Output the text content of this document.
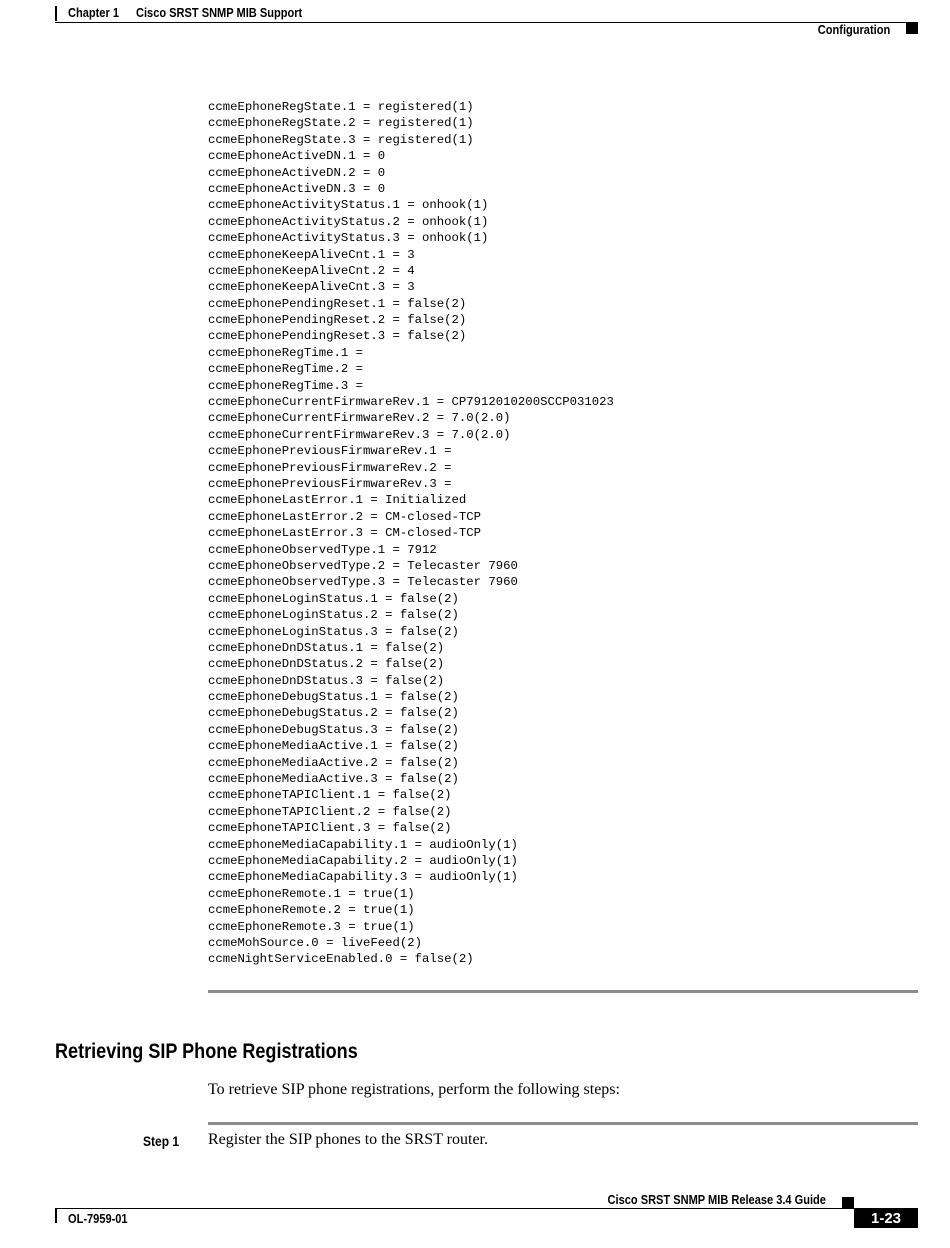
Chapter 1 Cisco SRST SNMP MIB Support
Configuration
ccmeEphoneRegState.1 = registered(1)
ccmeEphoneRegState.2 = registered(1)
ccmeEphoneRegState.3 = registered(1)
ccmeEphoneActiveDN.1 = 0
ccmeEphoneActiveDN.2 = 0
ccmeEphoneActiveDN.3 = 0
ccmeEphoneActivityStatus.1 = onhook(1)
ccmeEphoneActivityStatus.2 = onhook(1)
ccmeEphoneActivityStatus.3 = onhook(1)
ccmeEphoneKeepAliveCnt.1 = 3
ccmeEphoneKeepAliveCnt.2 = 4
ccmeEphoneKeepAliveCnt.3 = 3
ccmeEphonePendingReset.1 = false(2)
ccmeEphonePendingReset.2 = false(2)
ccmeEphonePendingReset.3 = false(2)
ccmeEphoneRegTime.1 =
ccmeEphoneRegTime.2 =
ccmeEphoneRegTime.3 =
ccmeEphoneCurrentFirmwareRev.1 = CP7912010200SCCP031023
ccmeEphoneCurrentFirmwareRev.2 = 7.0(2.0)
ccmeEphoneCurrentFirmwareRev.3 = 7.0(2.0)
ccmeEphonePreviousFirmwareRev.1 =
ccmeEphonePreviousFirmwareRev.2 =
ccmeEphonePreviousFirmwareRev.3 =
ccmeEphoneLastError.1 = Initialized
ccmeEphoneLastError.2 = CM-closed-TCP
ccmeEphoneLastError.3 = CM-closed-TCP
ccmeEphoneObservedType.1 = 7912
ccmeEphoneObservedType.2 = Telecaster 7960
ccmeEphoneObservedType.3 = Telecaster 7960
ccmeEphoneLoginStatus.1 = false(2)
ccmeEphoneLoginStatus.2 = false(2)
ccmeEphoneLoginStatus.3 = false(2)
ccmeEphoneDnDStatus.1 = false(2)
ccmeEphoneDnDStatus.2 = false(2)
ccmeEphoneDnDStatus.3 = false(2)
ccmeEphoneDebugStatus.1 = false(2)
ccmeEphoneDebugStatus.2 = false(2)
ccmeEphoneDebugStatus.3 = false(2)
ccmeEphoneMediaActive.1 = false(2)
ccmeEphoneMediaActive.2 = false(2)
ccmeEphoneMediaActive.3 = false(2)
ccmeEphoneTAPIClient.1 = false(2)
ccmeEphoneTAPIClient.2 = false(2)
ccmeEphoneTAPIClient.3 = false(2)
ccmeEphoneMediaCapability.1 = audioOnly(1)
ccmeEphoneMediaCapability.2 = audioOnly(1)
ccmeEphoneMediaCapability.3 = audioOnly(1)
ccmeEphoneRemote.1 = true(1)
ccmeEphoneRemote.2 = true(1)
ccmeEphoneRemote.3 = true(1)
ccmeMohSource.0 = liveFeed(2)
ccmeNightServiceEnabled.0 = false(2)
Retrieving SIP Phone Registrations
To retrieve SIP phone registrations, perform the following steps:
Step 1 Register the SIP phones to the SRST router.
Cisco SRST SNMP MIB Release 3.4 Guide
OL-7959-01	1-23
